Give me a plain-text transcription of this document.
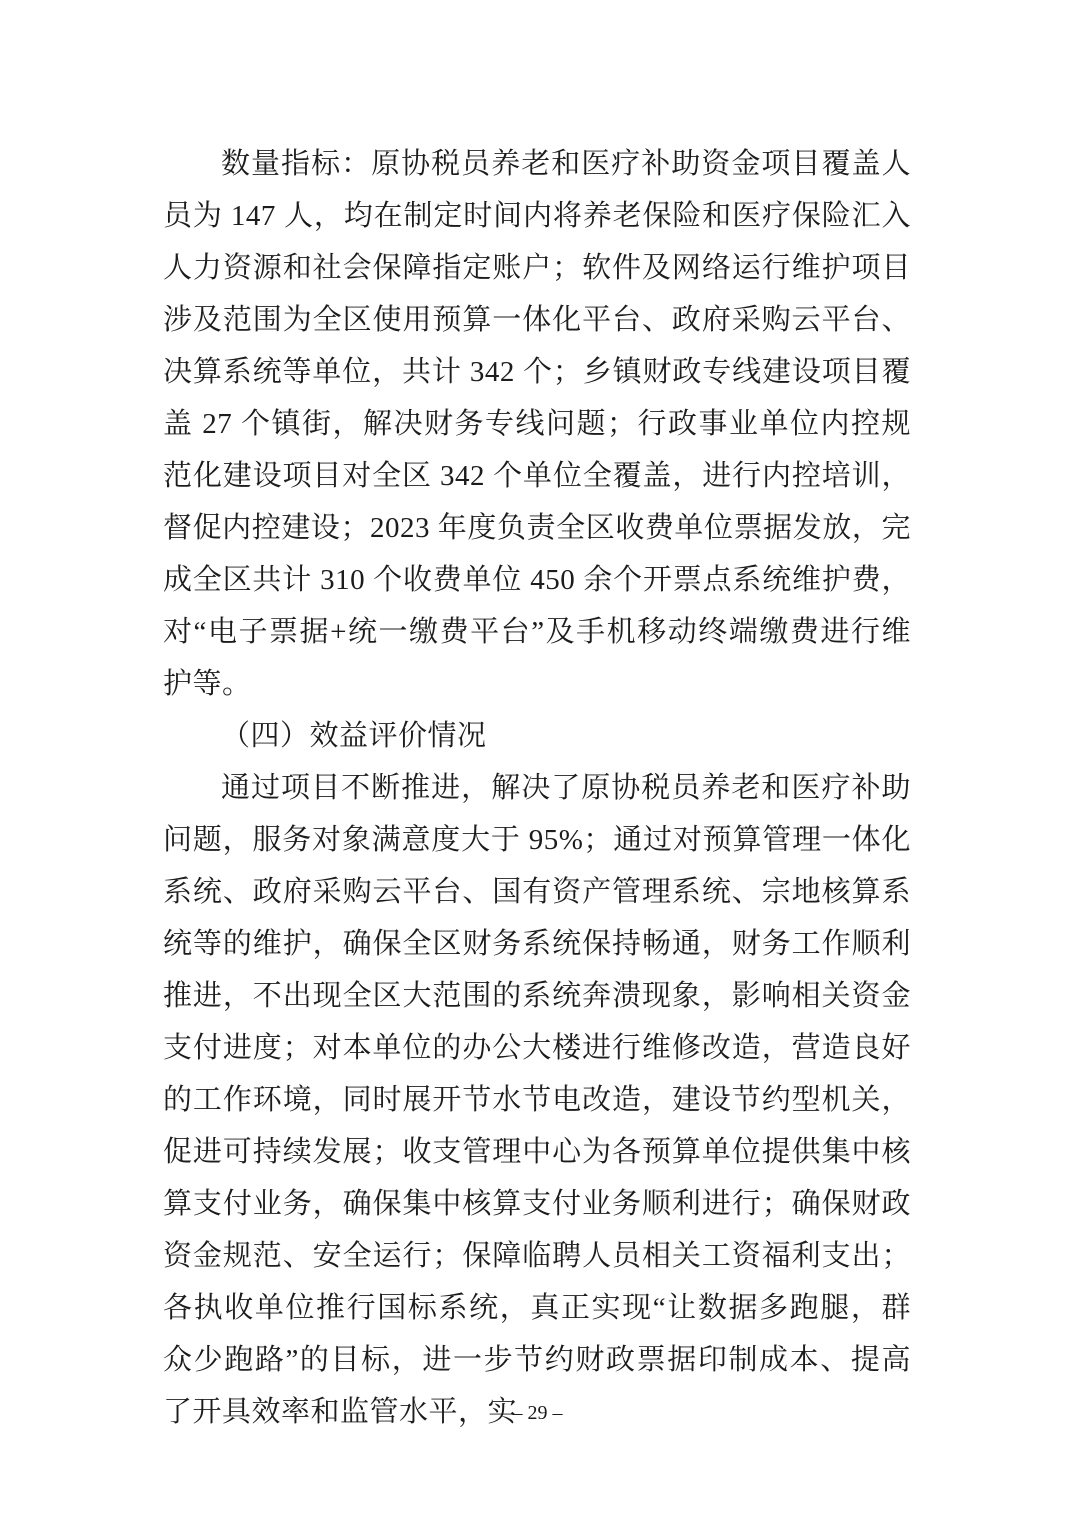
数量指标：原协税员养老和医疗补助资金项目覆盖人员为 147 人，均在制定时间内将养老保险和医疗保险汇入人力资源和社会保障指定账户；软件及网络运行维护项目涉及范围为全区使用预算一体化平台、政府采购云平台、决算系统等单位，共计 342 个；乡镇财政专线建设项目覆盖 27 个镇街，解决财务专线问题；行政事业单位内控规范化建设项目对全区 342 个单位全覆盖，进行内控培训，督促内控建设；2023 年度负责全区收费单位票据发放，完成全区共计 310 个收费单位 450 余个开票点系统维护费， 对“电子票据+统一缴费平台”及手机移动终端缴费进行维护等。

（四）效益评价情况

通过项目不断推进，解决了原协税员养老和医疗补助问题，服务对象满意度大于 95%；通过对预算管理一体化系统、政府采购云平台、国有资产管理系统、宗地核算系统等的维护，确保全区财务系统保持畅通，财务工作顺利推进，不出现全区大范围的系统奔溃现象，影响相关资金支付进度；对本单位的办公大楼进行维修改造，营造良好的工作环境，同时展开节水节电改造，建设节约型机关，促进可持续发展；收支管理中心为各预算单位提供集中核算支付业务，确保集中核算支付业务顺利进行；确保财政资金规范、安全运行；保障临聘人员相关工资福利支出；各执收单位推行国标系统，真正实现“让数据多跑腿，群众少跑路”的目标，进一步节约财政票据印制成本、提高了开具效率和监管水平，实

– 29 –
